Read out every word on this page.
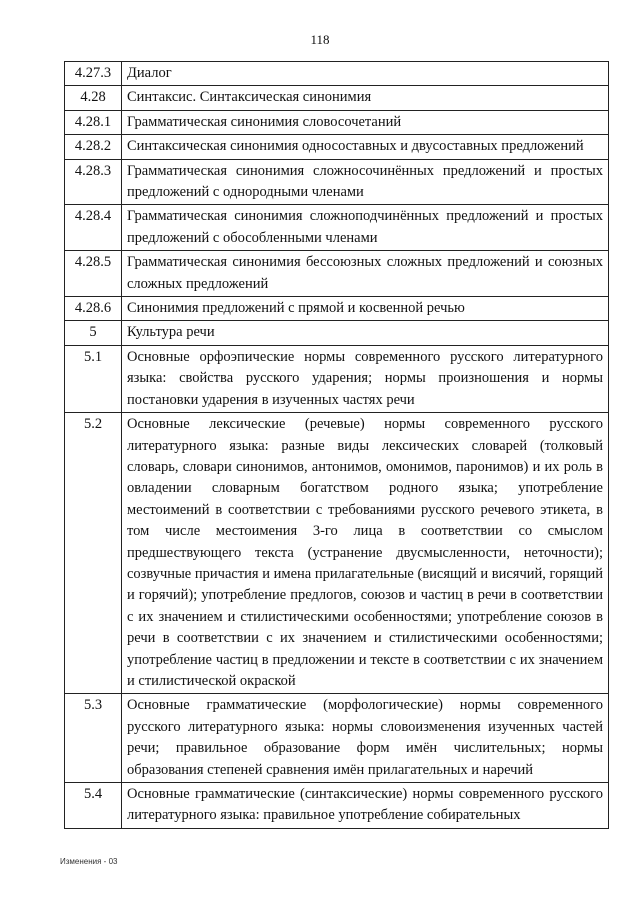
118
4.27.3	Диалог
4.28	Синтаксис. Синтаксическая синонимия
4.28.1	Грамматическая синонимия словосочетаний
4.28.2	Синтаксическая синонимия односоставных и двусоставных предложений
4.28.3	Грамматическая синонимия сложносочинённых предложений и простых предложений с однородными членами
4.28.4	Грамматическая синонимия сложноподчинённых предложений и простых предложений с обособленными членами
4.28.5	Грамматическая синонимия бессоюзных сложных предложений и союзных сложных предложений
4.28.6	Синонимия предложений с прямой и косвенной речью
5	Культура речи
5.1	Основные орфоэпические нормы современного русского литературного языка: свойства русского ударения; нормы произношения и нормы постановки ударения в изученных частях речи
5.2	Основные лексические (речевые) нормы современного русского литературного языка: разные виды лексических словарей (толковый словарь, словари синонимов, антонимов, омонимов, паронимов) и их роль в овладении словарным богатством родного языка; употребление местоимений в соответствии с требованиями русского речевого этикета, в том числе местоимения 3-го лица в соответствии со смыслом предшествующего текста (устранение двусмысленности, неточности); созвучные причастия и имена прилагательные (висящий и висячий, горящий и горячий); употребление предлогов, союзов и частиц в речи в соответствии с их значением и стилистическими особенностями; употребление союзов в речи в соответствии с их значением и стилистическими особенностями; употребление частиц в предложении и тексте в соответствии с их значением и стилистической окраской
5.3	Основные грамматические (морфологические) нормы современного русского литературного языка: нормы словоизменения изученных частей речи; правильное образование форм имён числительных; нормы образования степеней сравнения имён прилагательных и наречий
5.4	Основные грамматические (синтаксические) нормы современного русского литературного языка: правильное употребление собирательных
Изменения - 03
